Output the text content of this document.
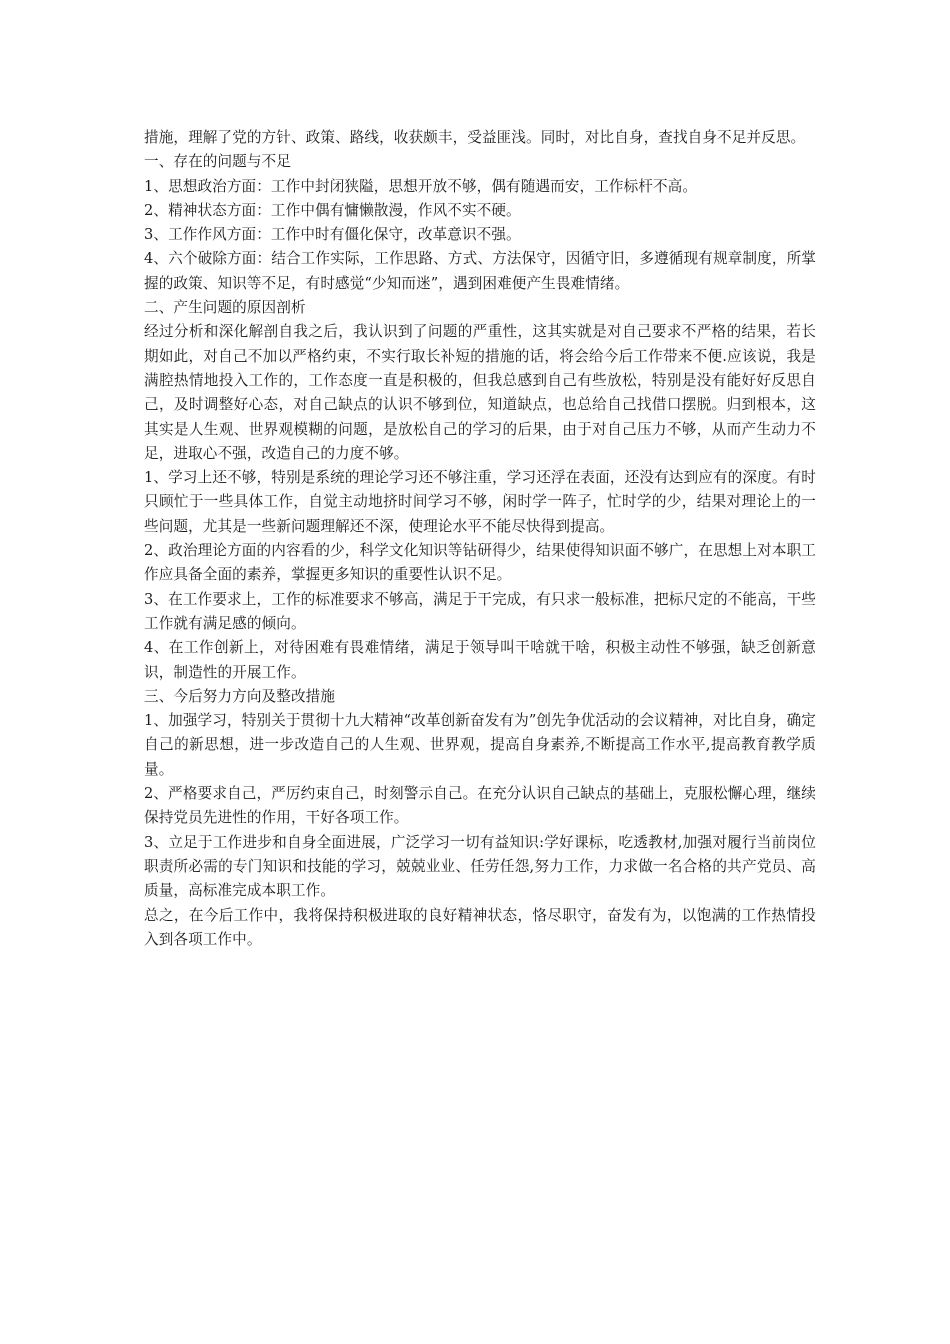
措施，理解了党的方针、政策、路线，收获颇丰，受益匪浅。同时，对比自身，查找自身不足并反思。

一、存在的问题与不足

1、思想政治方面：工作中封闭狭隘，思想开放不够，偶有随遇而安，工作标杆不高。

2、精神状态方面：工作中偶有慵懒散漫，作风不实不硬。

3、工作作风方面：工作中时有僵化保守，改革意识不强。

4、六个破除方面：结合工作实际，工作思路、方式、方法保守，因循守旧，多遵循现有规章制度，所掌握的政策、知识等不足，有时感觉“少知而迷”，遇到困难便产生畏难情绪。

二、产生问题的原因剖析

经过分析和深化解剖自我之后，我认识到了问题的严重性，这其实就是对自己要求不严格的结果，若长期如此，对自己不加以严格约束，不实行取长补短的措施的话，将会给今后工作带来不便.应该说，我是满腔热情地投入工作的，工作态度一直是积极的，但我总感到自己有些放松，特别是没有能好好反思自己，及时调整好心态，对自己缺点的认识不够到位，知道缺点，也总给自己找借口摆脱。归到根本，这其实是人生观、世界观模糊的问题，是放松自己的学习的后果，由于对自己压力不够，从而产生动力不足，进取心不强，改造自己的力度不够。

1、学习上还不够，特别是系统的理论学习还不够注重，学习还浮在表面，还没有达到应有的深度。有时只顾忙于一些具体工作，自觉主动地挤时间学习不够，闲时学一阵子，忙时学的少，结果对理论上的一些问题，尤其是一些新问题理解还不深，使理论水平不能尽快得到提高。

2、政治理论方面的内容看的少，科学文化知识等钻研得少，结果使得知识面不够广，在思想上对本职工作应具备全面的素养，掌握更多知识的重要性认识不足。

3、在工作要求上，工作的标准要求不够高，满足于干完成，有只求一般标准，把标尺定的不能高，干些工作就有满足感的倾向。

4、在工作创新上，对待困难有畏难情绪，满足于领导叫干啥就干啥，积极主动性不够强，缺乏创新意识，制造性的开展工作。

三、今后努力方向及整改措施

1、加强学习，特别关于贯彻十九大精神“改革创新奋发有为”创先争优活动的会议精神，对比自身，确定自己的新思想，进一步改造自己的人生观、世界观，提高自身素养,不断提高工作水平,提高教育教学质量。

2、严格要求自己，严厉约束自己，时刻警示自己。在充分认识自己缺点的基础上，克服松懈心理，继续保持党员先进性的作用，干好各项工作。

3、立足于工作进步和自身全面进展，广泛学习一切有益知识:学好课标，吃透教材,加强对履行当前岗位职责所必需的专门知识和技能的学习，兢兢业业、任劳任怨,努力工作，力求做一名合格的共产党员、高质量，高标准完成本职工作。

总之，在今后工作中，我将保持积极进取的良好精神状态，恪尽职守，奋发有为，以饱满的工作热情投入到各项工作中。
